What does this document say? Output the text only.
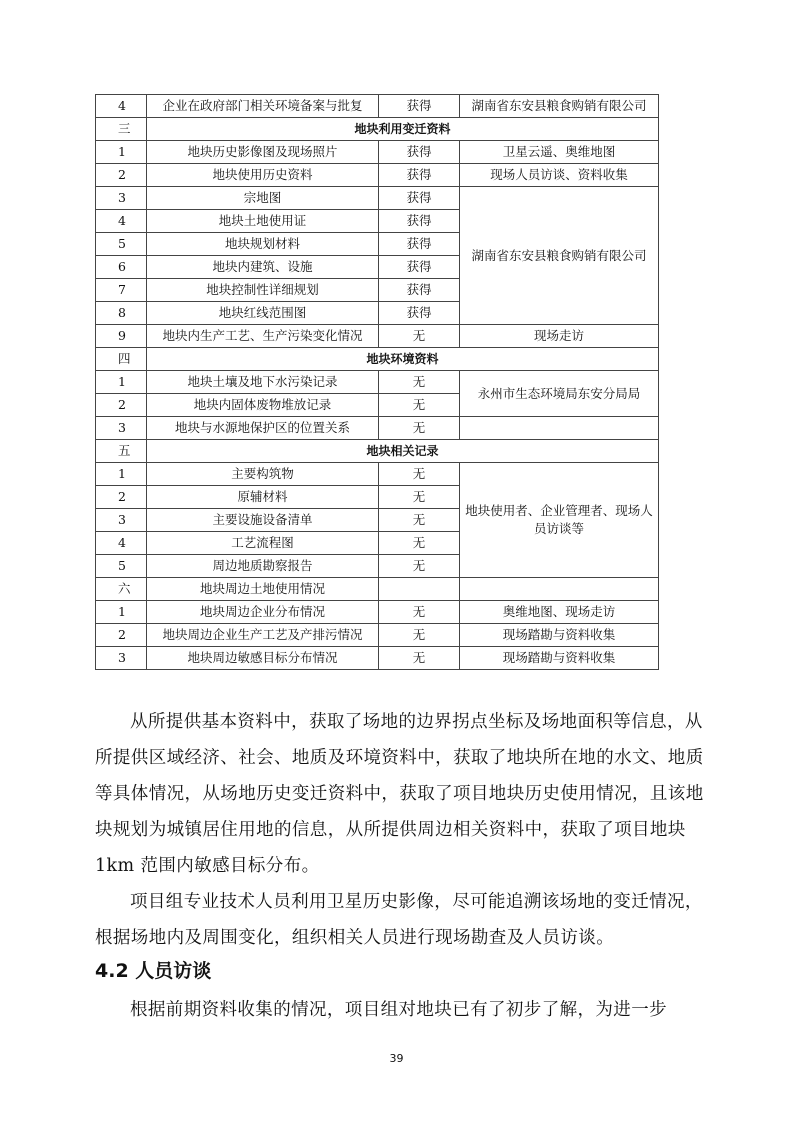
4	企业在政府部门相关环境备案与批复	获得	湖南省东安县粮食购销有限公司
三	地块利用变迁资料		
1	地块历史影像图及现场照片	获得	卫星云遥、奥维地图
2	地块使用历史资料	获得	现场人员访谈、资料收集
3	宗地图	获得	湖南省东安县粮食购销有限公司
4	地块土地使用证	获得	
5	地块规划材料	获得	
6	地块内建筑、设施	获得	
7	地块控制性详细规划	获得	
8	地块红线范围图	获得	
9	地块内生产工艺、生产污染变化情况	无	现场走访
四	地块环境资料		
1	地块土壤及地下水污染记录	无	永州市生态环境局东安分局局
2	地块内固体废物堆放记录	无	
3	地块与水源地保护区的位置关系	无	
五	地块相关记录		
1	主要构筑物	无	地块使用者、企业管理者、现场人员访谈等
2	原辅材料	无	
3	主要设施设备清单	无	
4	工艺流程图	无	
5	周边地质勘察报告	无	
六	地块周边土地使用情况		
1	地块周边企业分布情况	无	奥维地图、现场走访
2	地块周边企业生产工艺及产排污情况	无	现场踏勘与资料收集
3	地块周边敏感目标分布情况	无	现场踏勘与资料收集

从所提供基本资料中，获取了场地的边界拐点坐标及场地面积等信息，从所提供区域经济、社会、地质及环境资料中，获取了地块所在地的水文、地质等具体情况，从场地历史变迁资料中，获取了项目地块历史使用情况，且该地块规划为城镇居住用地的信息，从所提供周边相关资料中，获取了项目地块 1km 范围内敏感目标分布。

项目组专业技术人员利用卫星历史影像，尽可能追溯该场地的变迁情况，根据场地内及周围变化，组织相关人员进行现场勘查及人员访谈。

4.2 人员访谈

根据前期资料收集的情况，项目组对地块已有了初步了解，为进一步

39
